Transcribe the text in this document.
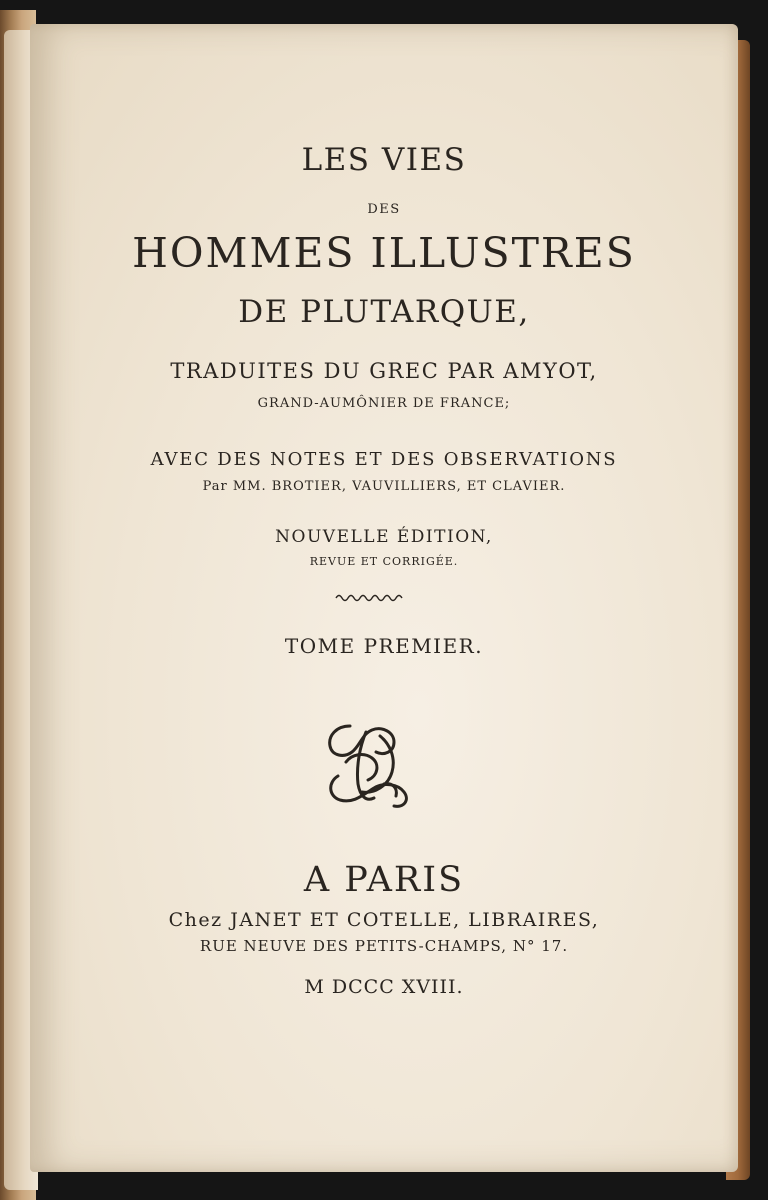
LES VIES
DES
HOMMES ILLUSTRES
DE PLUTARQUE,
TRADUITES DU GREC PAR AMYOT,
GRAND-AUMÔNIER DE FRANCE;
AVEC DES NOTES ET DES OBSERVATIONS
Par MM. BROTIER, VAUVILLIERS, ET CLAVIER.
NOUVELLE ÉDITION,
REVUE ET CORRIGÉE.
TOME PREMIER.
A PARIS
Chez JANET ET COTELLE, LIBRAIRES,
RUE NEUVE DES PETITS-CHAMPS, N° 17.
M DCCC XVIII.
